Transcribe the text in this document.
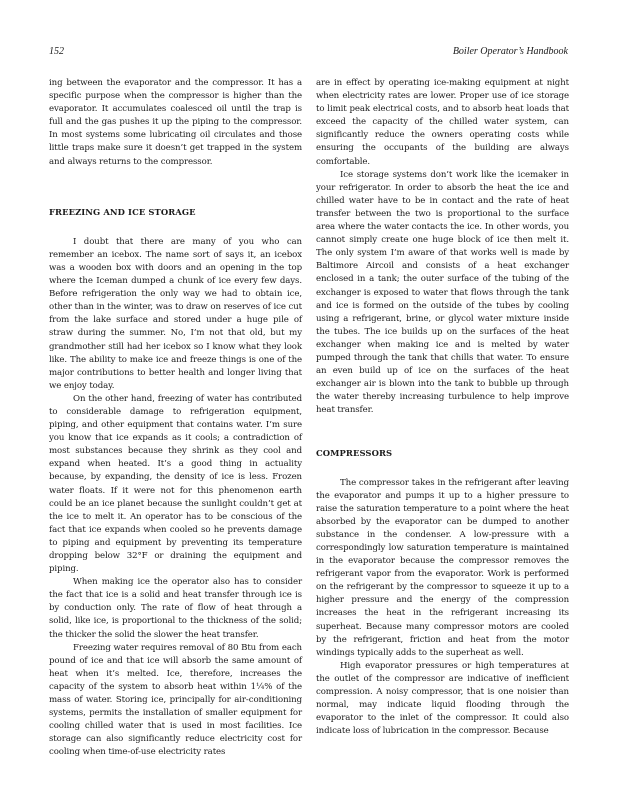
152	Boiler Operator’s Handbook

ing between the evaporator and the compressor. It has a specific purpose when the compressor is higher than the evaporator. It accumulates coalesced oil until the trap is full and the gas pushes it up the piping to the compressor. In most systems some lubricating oil circulates and those little traps make sure it doesn’t get trapped in the system and always returns to the compressor.

FREEZING AND ICE STORAGE

I doubt that there are many of you who can remember an icebox. The name sort of says it, an icebox was a wooden box with doors and an opening in the top where the Iceman dumped a chunk of ice every few days. Before refrigeration the only way we had to obtain ice, other than in the winter, was to draw on reserves of ice cut from the lake surface and stored under a huge pile of straw during the summer. No, I’m not that old, but my grandmother still had her icebox so I know what they look like. The ability to make ice and freeze things is one of the major contributions to better health and longer living that we enjoy today.

On the other hand, freezing of water has contributed to considerable damage to refrigeration equipment, piping, and other equipment that contains water. I’m sure you know that ice expands as it cools; a contradiction of most substances because they shrink as they cool and expand when heated. It’s a good thing in actuality because, by expanding, the density of ice is less. Frozen water floats. If it were not for this phenomenon earth could be an ice planet because the sunlight couldn’t get at the ice to melt it. An operator has to be conscious of the fact that ice expands when cooled so he prevents damage to piping and equipment by preventing its temperature dropping below 32°F or draining the equipment and piping.

When making ice the operator also has to consider the fact that ice is a solid and heat transfer through ice is by conduction only. The rate of flow of heat through a solid, like ice, is proportional to the thickness of the solid; the thicker the solid the slower the heat transfer.

Freezing water requires removal of 80 Btu from each pound of ice and that ice will absorb the same amount of heat when it’s melted. Ice, therefore, increases the capacity of the system to absorb heat within 1¼% of the mass of water. Storing ice, principally for air-conditioning systems, permits the installation of smaller equipment for cooling chilled water that is used in most facilities. Ice storage can also significantly reduce electricity cost for cooling when time-of-use electricity rates

are in effect by operating ice-making equipment at night when electricity rates are lower. Proper use of ice storage to limit peak electrical costs, and to absorb heat loads that exceed the capacity of the chilled water system, can significantly reduce the owners operating costs while ensuring the occupants of the building are always comfortable.

Ice storage systems don’t work like the icemaker in your refrigerator. In order to absorb the heat the ice and chilled water have to be in contact and the rate of heat transfer between the two is proportional to the surface area where the water contacts the ice. In other words, you cannot simply create one huge block of ice then melt it. The only system I’m aware of that works well is made by Baltimore Aircoil and consists of a heat exchanger enclosed in a tank; the outer surface of the tubing of the exchanger is exposed to water that flows through the tank and ice is formed on the outside of the tubes by cooling using a refrigerant, brine, or glycol water mixture inside the tubes. The ice builds up on the surfaces of the heat exchanger when making ice and is melted by water pumped through the tank that chills that water. To ensure an even build up of ice on the surfaces of the heat exchanger air is blown into the tank to bubble up through the water thereby increasing turbulence to help improve heat transfer.

COMPRESSORS

The compressor takes in the refrigerant after leaving the evaporator and pumps it up to a higher pressure to raise the saturation temperature to a point where the heat absorbed by the evaporator can be dumped to another substance in the condenser. A low-pressure with a correspondingly low saturation temperature is maintained in the evaporator because the compressor removes the refrigerant vapor from the evaporator. Work is performed on the refrigerant by the compressor to squeeze it up to a higher pressure and the energy of the compression increases the heat in the refrigerant increasing its superheat. Because many compressor motors are cooled by the refrigerant, friction and heat from the motor windings typically adds to the superheat as well.

High evaporator pressures or high temperatures at the outlet of the compressor are indicative of inefficient compression. A noisy compressor, that is one noisier than normal, may indicate liquid flooding through the evaporator to the inlet of the compressor. It could also indicate loss of lubrication in the compressor. Because
